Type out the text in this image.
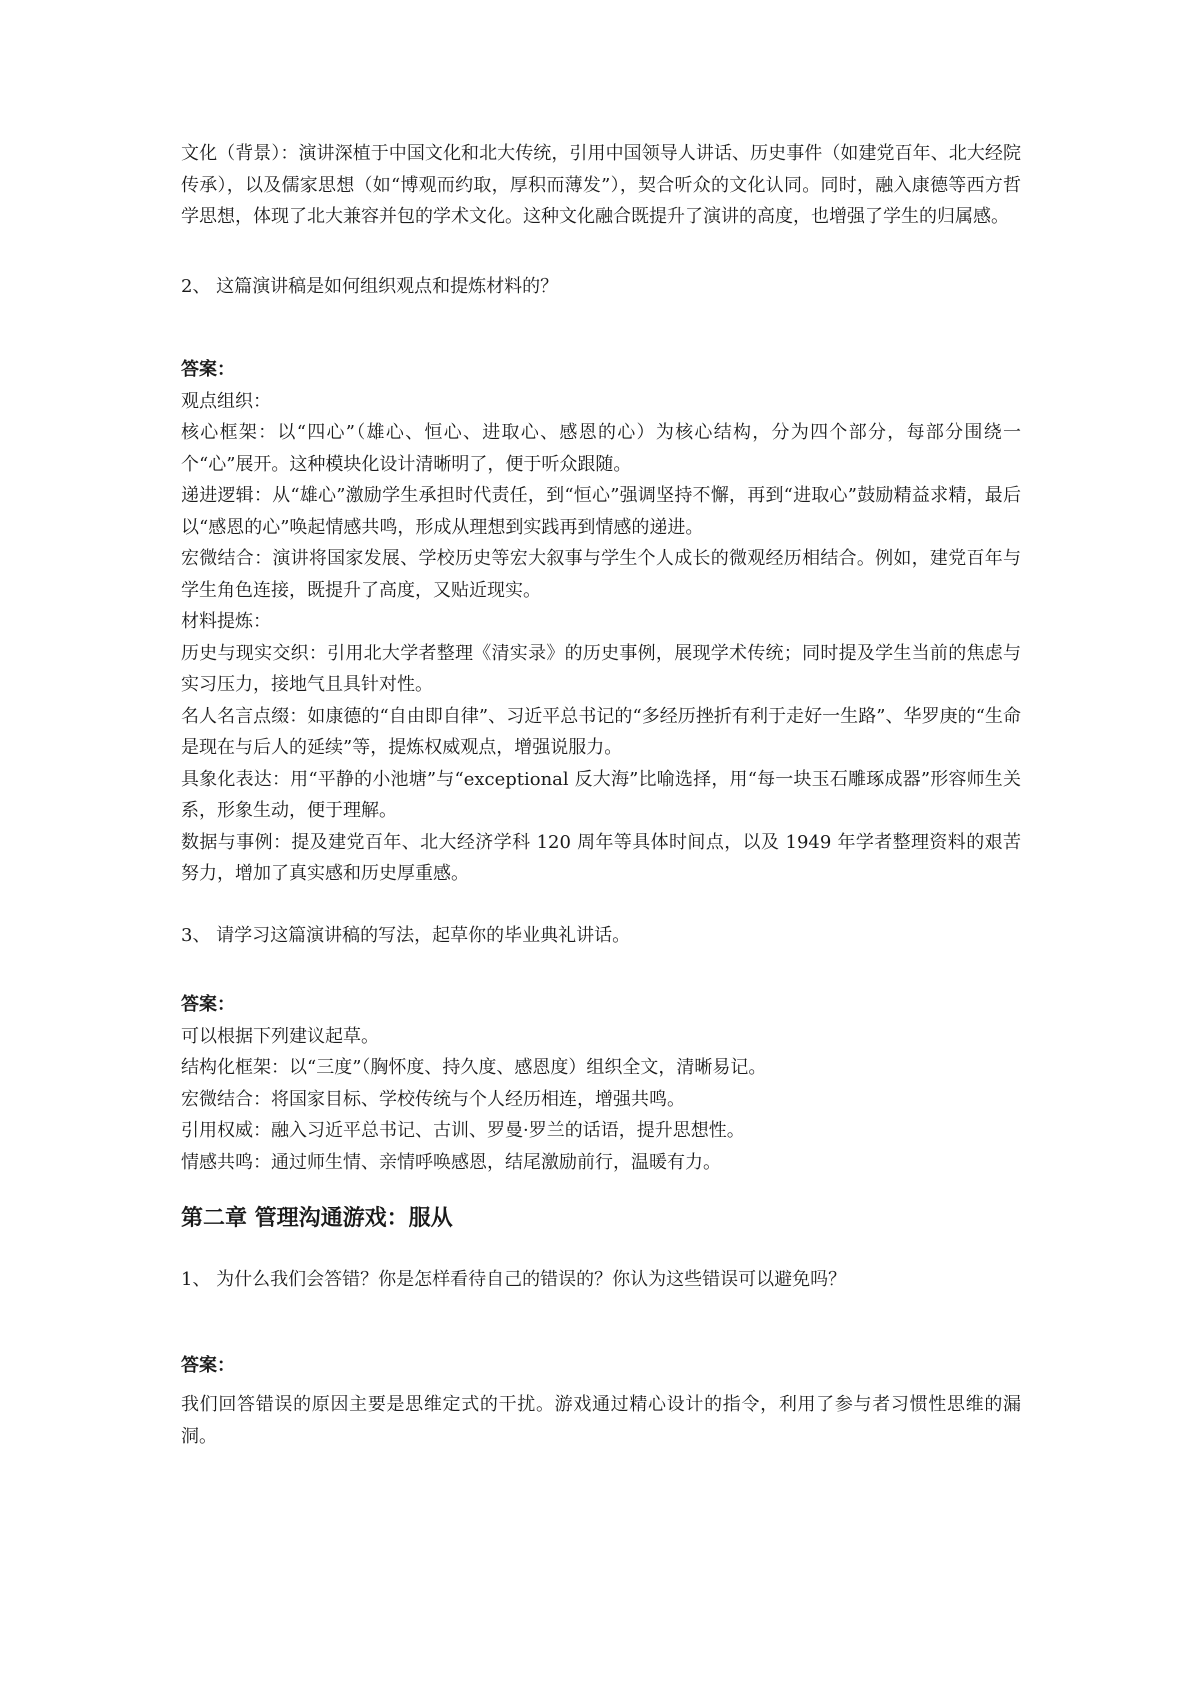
文化（背景）：演讲深植于中国文化和北大传统，引用中国领导人讲话、历史事件（如建党百年、北大经院传承），以及儒家思想（如“博观而约取，厚积而薄发”），契合听众的文化认同。同时，融入康德等西方哲学思想，体现了北大兼容并包的学术文化。这种文化融合既提升了演讲的高度，也增强了学生的归属感。

2、 这篇演讲稿是如何组织观点和提炼材料的？

答案：

观点组织：

核心框架：以“四心”（雄心、恒心、进取心、感恩的心）为核心结构，分为四个部分，每部分围绕一个“心”展开。这种模块化设计清晰明了，便于听众跟随。

递进逻辑：从“雄心”激励学生承担时代责任，到“恒心”强调坚持不懈，再到“进取心”鼓励精益求精，最后以“感恩的心”唤起情感共鸣，形成从理想到实践再到情感的递进。

宏微结合：演讲将国家发展、学校历史等宏大叙事与学生个人成长的微观经历相结合。例如，建党百年与学生角色连接，既提升了高度，又贴近现实。

材料提炼：

历史与现实交织：引用北大学者整理《清实录》的历史事例，展现学术传统；同时提及学生当前的焦虑与实习压力，接地气且具针对性。

名人名言点缀：如康德的“自由即自律”、习近平总书记的“多经历挫折有利于走好一生路”、华罗庚的“生命是现在与后人的延续”等，提炼权威观点，增强说服力。

具象化表达：用“平静的小池塘”与“exceptional 反大海”比喻选择，用“每一块玉石雕琢成器”形容师生关系，形象生动，便于理解。

数据与事例：提及建党百年、北大经济学科 120 周年等具体时间点，以及 1949 年学者整理资料的艰苦努力，增加了真实感和历史厚重感。

3、 请学习这篇演讲稿的写法，起草你的毕业典礼讲话。

答案：

可以根据下列建议起草。

结构化框架：以“三度”（胸怀度、持久度、感恩度）组织全文，清晰易记。

宏微结合：将国家目标、学校传统与个人经历相连，增强共鸣。

引用权威：融入习近平总书记、古训、罗曼·罗兰的话语，提升思想性。

情感共鸣：通过师生情、亲情呼唤感恩，结尾激励前行，温暖有力。

第二章 管理沟通游戏：服从

1、 为什么我们会答错？你是怎样看待自己的错误的？你认为这些错误可以避免吗？

答案：

我们回答错误的原因主要是思维定式的干扰。游戏通过精心设计的指令，利用了参与者习惯性思维的漏洞。
